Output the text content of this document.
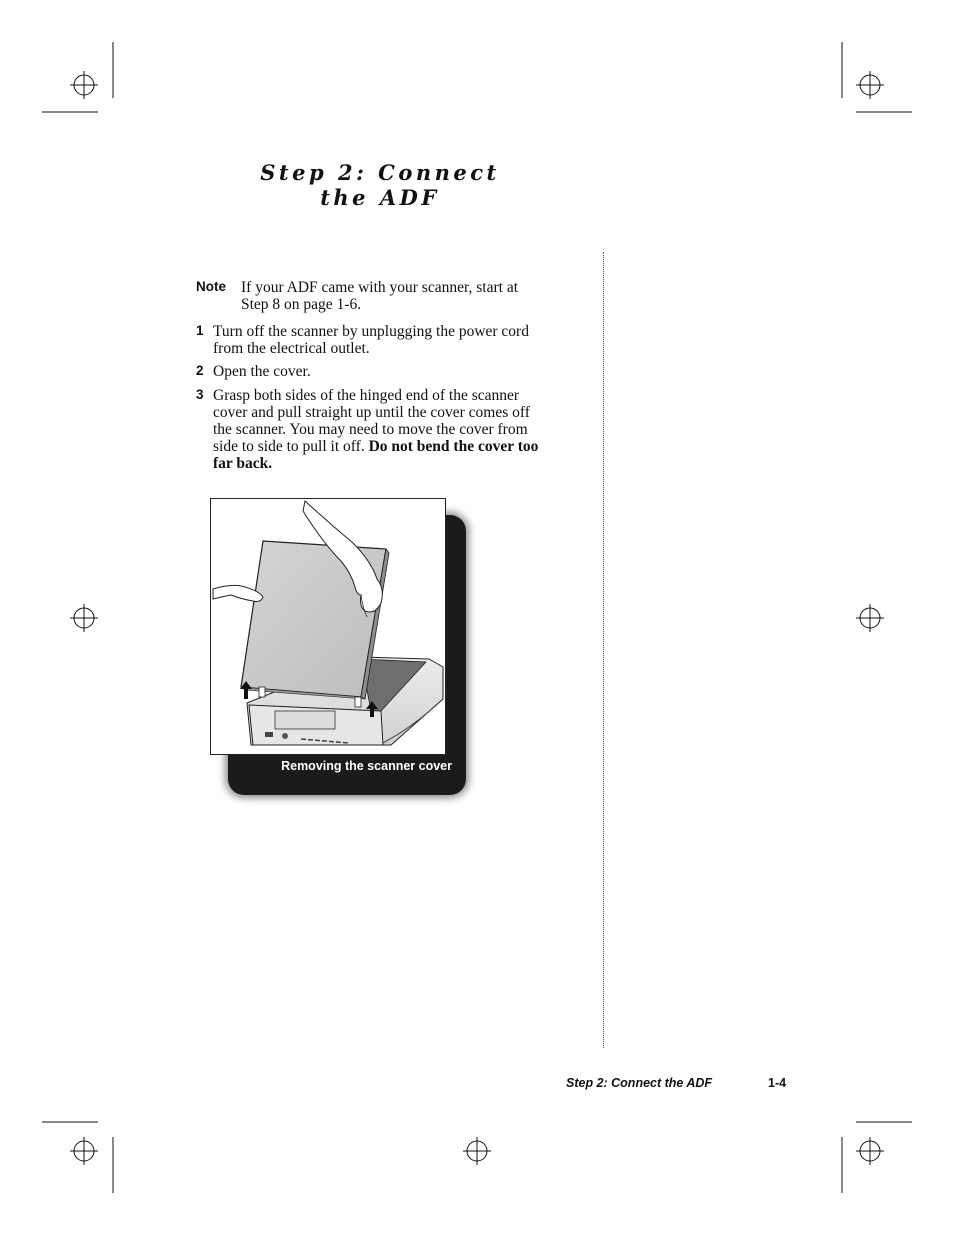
Step 2: Connect
the ADF
Note If your ADF came with your scanner, start at
Step 8 on page 1-6.
1 Turn off the scanner by unplugging the power cord
from the electrical outlet.
2 Open the cover.
3 Grasp both sides of the hinged end of the scanner
cover and pull straight up until the cover comes off
the scanner. You may need to move the cover from
side to side to pull it off. Do not bend the cover too
far back.
Removing the scanner cover
Step 2: Connect the ADF	1-4
